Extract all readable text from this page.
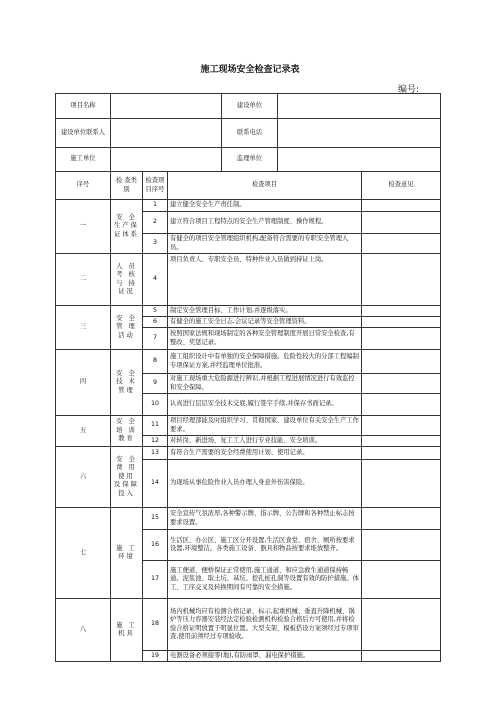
施工现场安全检查记录表
编号:
项目名称		建设单位	
建设单位联系人		联系电话	
施工单位		监理单位	
序号	检 查类别	检查项目序号	检查项目	检查意见
一	安 全生产保 证体系	1	建立健全安全生产责任制。	
		2	建立符合项目工程特点的安全生产管理制度、操作规程。	
		3	有健全的项目安全管理组织机构,配备符合需要的专职安全管理人员。	
二	人 员考 核与 持证况	4	项目负责人、专职安全员、特种作业人员做到持证上岗。	
三	安 全管 理活动	5	制定安全管理目标、工作计划,并逐级落实。	
		6	有健全的施工安全日志,会议记录等安全管理资料。	
		7	按照国家法规和现场制定的各种安全管理制度开展日常安全检查,有整改、奖惩记录。	
四	安 全技 术管理	8	施工组织设计中有单独的安全保障措施。危险性较大的分部工程编制专项保证方案,并经监理单位批准。	
		9	对施工现场重大危险源进行辨识,并根据工程进展情况进行有效监控和安全保障。	
		10	认真进行层层安全技术交底,履行签字手续,并保存书面记录。	
五	安 全培 训教育	11	项目经理部能及时组织学习、贯彻国家、建设单位有关安全生产工作要求。	
		12	对转岗、新进场、复工工人进行专业技能、安全培训。	
六	安 全费 用使用 及保障 投入	13	有符合生产需要的安全经费使用计划、使用记录。	
		14	为现场从事危险作业人员办理人身意外伤害保险。	
七	施 工环境	15	安全宣传气氛浓厚,各种警示牌、指示牌、公告牌和各种禁止标志按要求设置。	
		16	生活区、办公区、施工区分开设置,生活区食堂、宿舍、厕所按要求设置,环境整洁。各类施工设备、器具和物品按要求堆放整齐。	
		17	施工便道、便桥保证正常使用,施工通道、和应急救生通道保持畅通。泥浆池、取土坑、基坑、挖孔桩孔洞等设置有效的防护措施。体工、工序交叉及转换期间有可靠的安全措施。	
八	施 工机具	18	场内机械均应有检测合格记录、标示,起重机械、垂直升降机械、锅炉等压力容器安装经法定检验检测机构检验合格后方可使用,并将检验合格证明放置于明显位置。大型支架、模板搭设方案须经过专项审查,使用前须经过专项验收。	
		19	电器设备必须接零(地),有防雨罩、漏电保护措施。	
